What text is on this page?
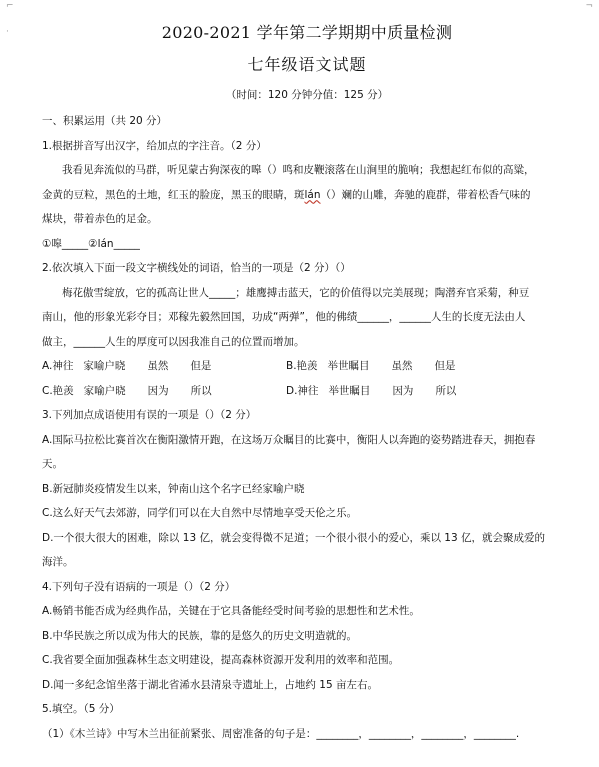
⌐	¬
·	2020-2021 学年第二学期期中质量检测
七年级语文试题
（时间：120 分钟分值：125 分）
一、积累运用（共 20 分）
1.根据拼音写出汉字，给加点的字注音。（2 分）
我看见奔流似的马群，听见蒙古狗深夜的嗥（）鸣和皮鞭滚落在山涧里的脆响；我想起红布似的高粱，
金黄的豆粒，黑色的土地，红玉的脸庞，黑玉的眼睛，斑lán（）斓的山雕，奔驰的鹿群，带着松香气味的
煤块，带着赤色的足金。
①嗥_____②lán_____
2.依次填入下面一段文字横线处的词语，恰当的一项是（2 分）（）
梅花傲雪绽放，它的孤高让世人_____；雄鹰搏击蓝天，它的价值得以完美展现；陶潜弃官采菊，种豆
南山，他的形象光彩夺目；邓稼先毅然回国，功成“两弹”，他的佛绩______，______人生的长度无法由人
做主，______人生的厚度可以因我准自己的位置而增加。
A.神往 家喻户晓 虽然 但是	B.艳羡 举世瞩目 虽然 但是
C.艳羡 家喻户晓 因为 所以	D.神往 举世瞩目 因为 所以
3.下列加点成语使用有误的一项是（）（2 分）
A.国际马拉松比赛首次在衡阳激情开跑，在这场万众瞩目的比赛中，衡阳人以奔跑的姿势踏进春天，拥抱春
天。
B.新冠肺炎疫情发生以来，钟南山这个名字已经家喻户晓
C.这么好天气去郊游，同学们可以在大自然中尽情地享受天伦之乐。
D.一个很大很大的困难，除以 13 亿，就会变得微不足道；一个很小很小的爱心，乘以 13 亿，就会聚成爱的
海洋。
4.下列句子没有语病的一项是（）（2 分）
A.畅销书能否成为经典作品，关键在于它具备能经受时间考验的思想性和艺术性。
B.中华民族之所以成为伟大的民族，靠的是悠久的历史文明造就的。
C.我省要全面加强森林生态文明建设，提高森林资源开发利用的效率和范围。
D.闻一多纪念馆坐落于湖北省浠水县清泉寺遗址上，占地约 15 亩左右。
5.填空。（5 分）
（1）《木兰诗》中写木兰出征前紧张、周密准备的句子是：________，________，________，________.
